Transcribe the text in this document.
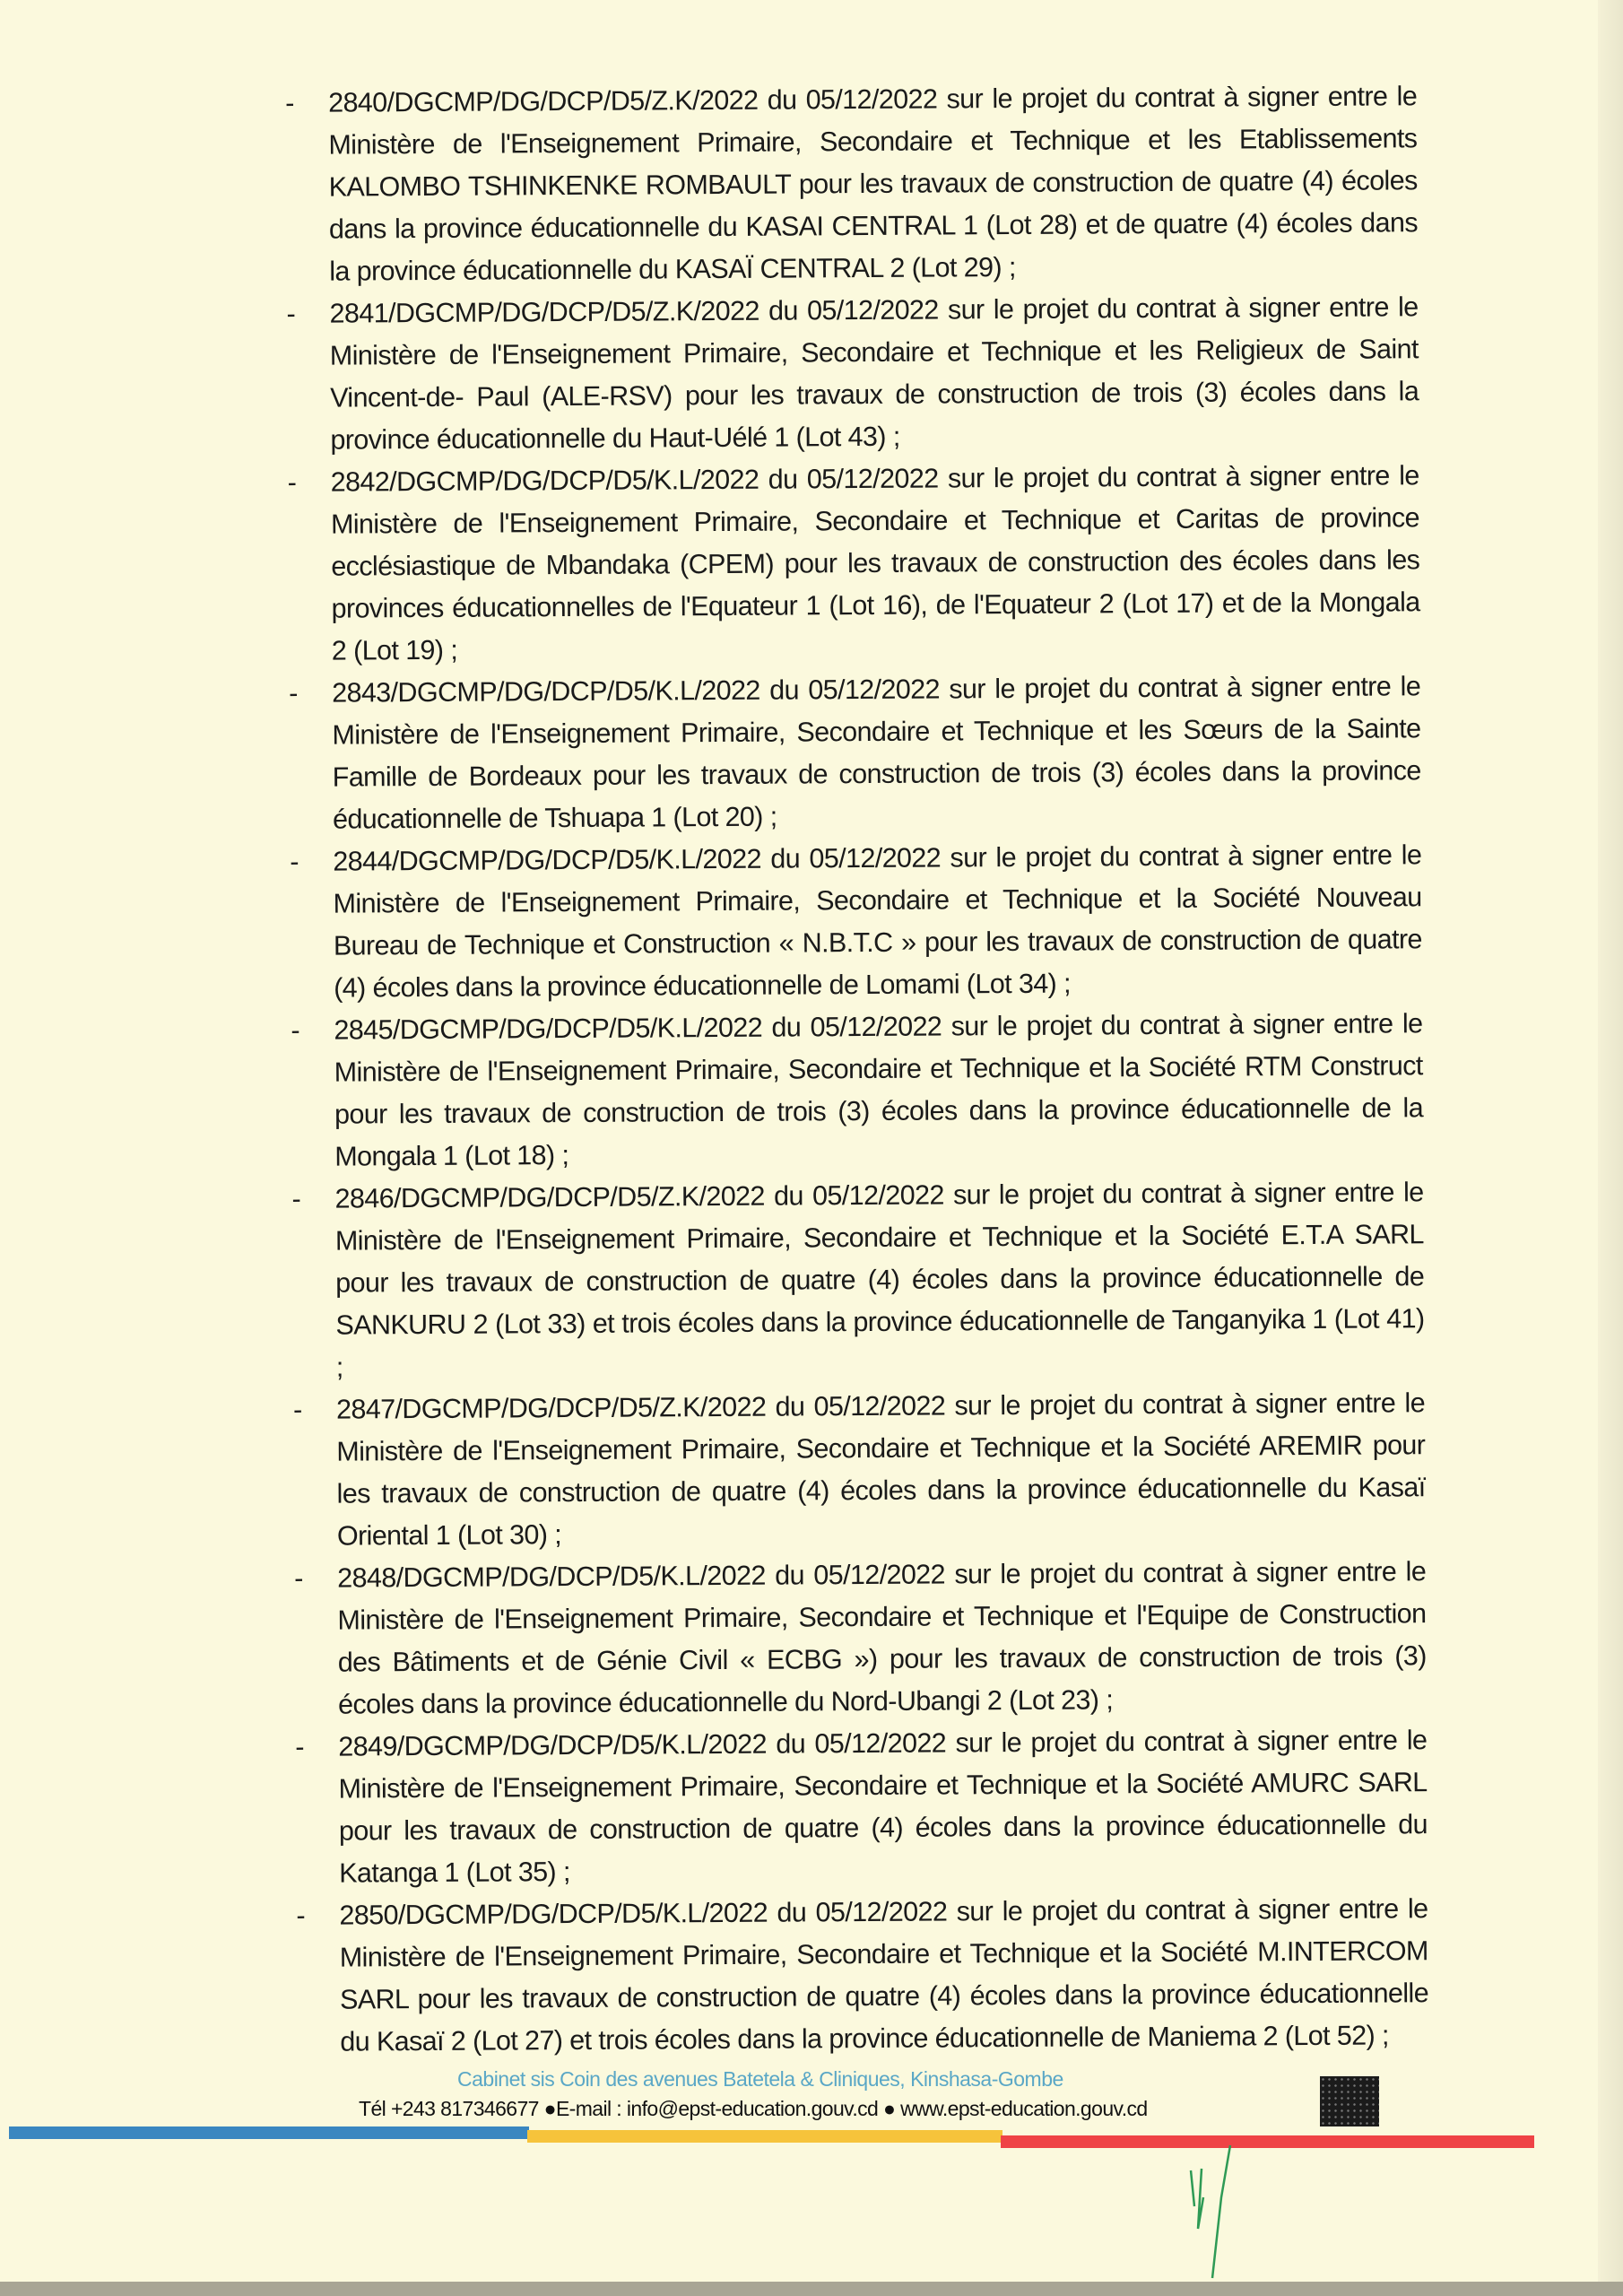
- 2840/DGCMP/DG/DCP/D5/Z.K/2022 du 05/12/2022 sur le projet du contrat à signer entre le Ministère de l'Enseignement Primaire, Secondaire et Technique et les Etablissements KALOMBO TSHINKENKE ROMBAULT pour les travaux de construction de quatre (4) écoles dans la province éducationnelle du KASAI CENTRAL 1 (Lot 28) et de quatre (4) écoles dans la province éducationnelle du KASAÏ CENTRAL 2 (Lot 29) ;
- 2841/DGCMP/DG/DCP/D5/Z.K/2022 du 05/12/2022 sur le projet du contrat à signer entre le Ministère de l'Enseignement Primaire, Secondaire et Technique et les Religieux de Saint Vincent-de- Paul (ALE-RSV) pour les travaux de construction de trois (3) écoles dans la province éducationnelle du Haut-Uélé 1 (Lot 43) ;
- 2842/DGCMP/DG/DCP/D5/K.L/2022 du 05/12/2022 sur le projet du contrat à signer entre le Ministère de l'Enseignement Primaire, Secondaire et Technique et Caritas de province ecclésiastique de Mbandaka (CPEM) pour les travaux de construction des écoles dans les provinces éducationnelles de l'Equateur 1 (Lot 16), de l'Equateur 2 (Lot 17) et de la Mongala 2 (Lot 19) ;
- 2843/DGCMP/DG/DCP/D5/K.L/2022 du 05/12/2022 sur le projet du contrat à signer entre le Ministère de l'Enseignement Primaire, Secondaire et Technique et les Sœurs de la Sainte Famille de Bordeaux pour les travaux de construction de trois (3) écoles dans la province éducationnelle de Tshuapa 1 (Lot 20) ;
- 2844/DGCMP/DG/DCP/D5/K.L/2022 du 05/12/2022 sur le projet du contrat à signer entre le Ministère de l'Enseignement Primaire, Secondaire et Technique et la Société Nouveau Bureau de Technique et Construction « N.B.T.C » pour les travaux de construction de quatre (4) écoles dans la province éducationnelle de Lomami (Lot 34) ;
- 2845/DGCMP/DG/DCP/D5/K.L/2022 du 05/12/2022 sur le projet du contrat à signer entre le Ministère de l'Enseignement Primaire, Secondaire et Technique et la Société RTM Construct pour les travaux de construction de trois (3) écoles dans la province éducationnelle de la Mongala 1 (Lot 18) ;
- 2846/DGCMP/DG/DCP/D5/Z.K/2022 du 05/12/2022 sur le projet du contrat à signer entre le Ministère de l'Enseignement Primaire, Secondaire et Technique et la Société E.T.A SARL pour les travaux de construction de quatre (4) écoles dans la province éducationnelle de SANKURU 2 (Lot 33) et trois écoles dans la province éducationnelle de Tanganyika 1 (Lot 41) ;
- 2847/DGCMP/DG/DCP/D5/Z.K/2022 du 05/12/2022 sur le projet du contrat à signer entre le Ministère de l'Enseignement Primaire, Secondaire et Technique et la Société AREMIR pour les travaux de construction de quatre (4) écoles dans la province éducationnelle du Kasaï Oriental 1 (Lot 30) ;
- 2848/DGCMP/DG/DCP/D5/K.L/2022 du 05/12/2022 sur le projet du contrat à signer entre le Ministère de l'Enseignement Primaire, Secondaire et Technique et l'Equipe de Construction des Bâtiments et de Génie Civil « ECBG ») pour les travaux de construction de trois (3) écoles dans la province éducationnelle du Nord-Ubangi 2 (Lot 23) ;
- 2849/DGCMP/DG/DCP/D5/K.L/2022 du 05/12/2022 sur le projet du contrat à signer entre le Ministère de l'Enseignement Primaire, Secondaire et Technique et la Société AMURC SARL pour les travaux de construction de quatre (4) écoles dans la province éducationnelle du Katanga 1 (Lot 35) ;
- 2850/DGCMP/DG/DCP/D5/K.L/2022 du 05/12/2022 sur le projet du contrat à signer entre le Ministère de l'Enseignement Primaire, Secondaire et Technique et la Société M.INTERCOM SARL pour les travaux de construction de quatre (4) écoles dans la province éducationnelle du Kasaï 2 (Lot 27) et trois écoles dans la province éducationnelle de Maniema 2 (Lot 52) ;
Cabinet sis Coin des avenues Batetela & Cliniques, Kinshasa-Gombe
Tél +243 817346677 ●E-mail : info@epst-education.gouv.cd ● www.epst-education.gouv.cd
